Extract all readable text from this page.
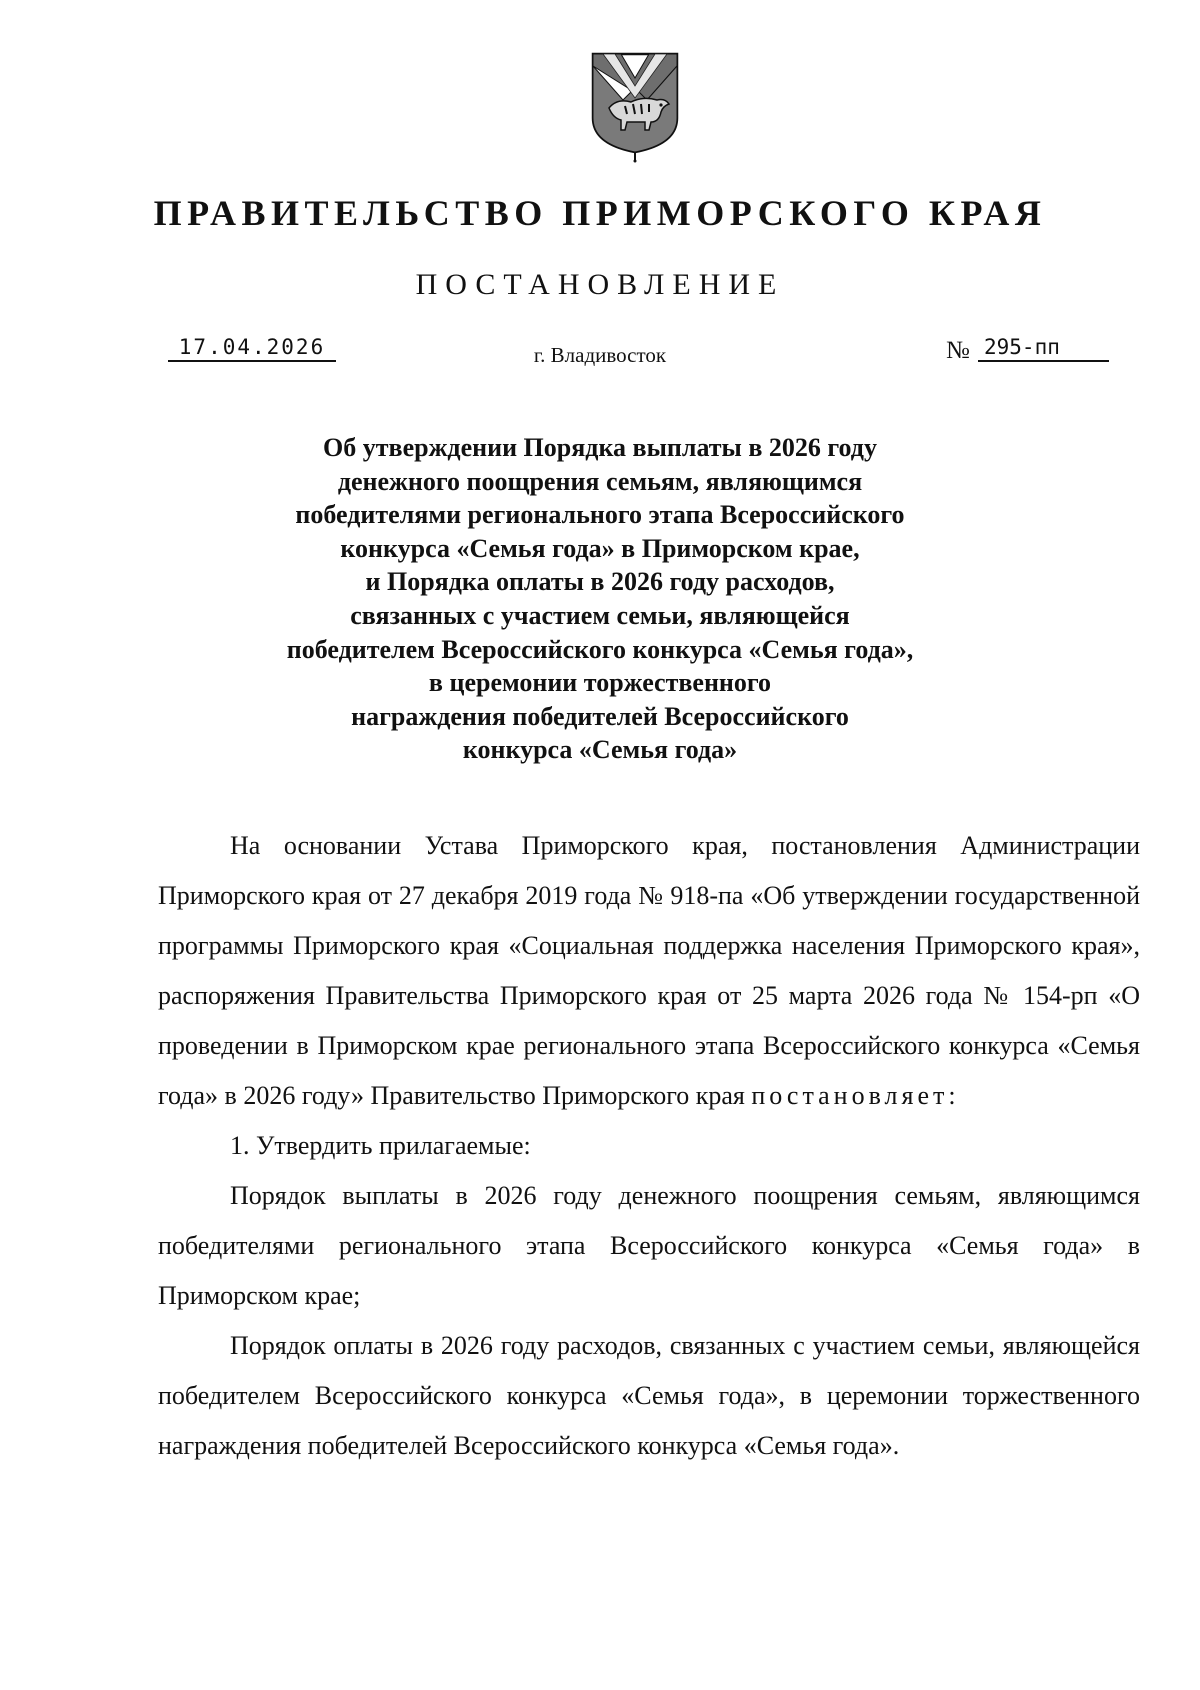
ПРАВИТЕЛЬСТВО ПРИМОРСКОГО КРАЯ
ПОСТАНОВЛЕНИЕ
17.04.2026	г. Владивосток	№ 295-пп
Об утверждении Порядка выплаты в 2026 году
денежного поощрения семьям, являющимся
победителями регионального этапа Всероссийского
конкурса «Семья года» в Приморском крае,
и Порядка оплаты в 2026 году расходов,
связанных с участием семьи, являющейся
победителем Всероссийского конкурса «Семья года»,
в церемонии торжественного
награждения победителей Всероссийского
конкурса «Семья года»

На основании Устава Приморского края, постановления Администрации Приморского края от 27 декабря 2019 года № 918-па «Об утверждении государственной программы Приморского края «Социальная поддержка населения Приморского края», распоряжения Правительства Приморского края от 25 марта 2026 года № 154-рп «О проведении в Приморском крае регионального этапа Всероссийского конкурса «Семья года» в 2026 году» Правительство Приморского края постановляет:

1. Утвердить прилагаемые:

Порядок выплаты в 2026 году денежного поощрения семьям, являющимся победителями регионального этапа Всероссийского конкурса «Семья года» в Приморском крае;

Порядок оплаты в 2026 году расходов, связанных с участием семьи, являющейся победителем Всероссийского конкурса «Семья года», в церемонии торжественного награждения победителей Всероссийского конкурса «Семья года».
